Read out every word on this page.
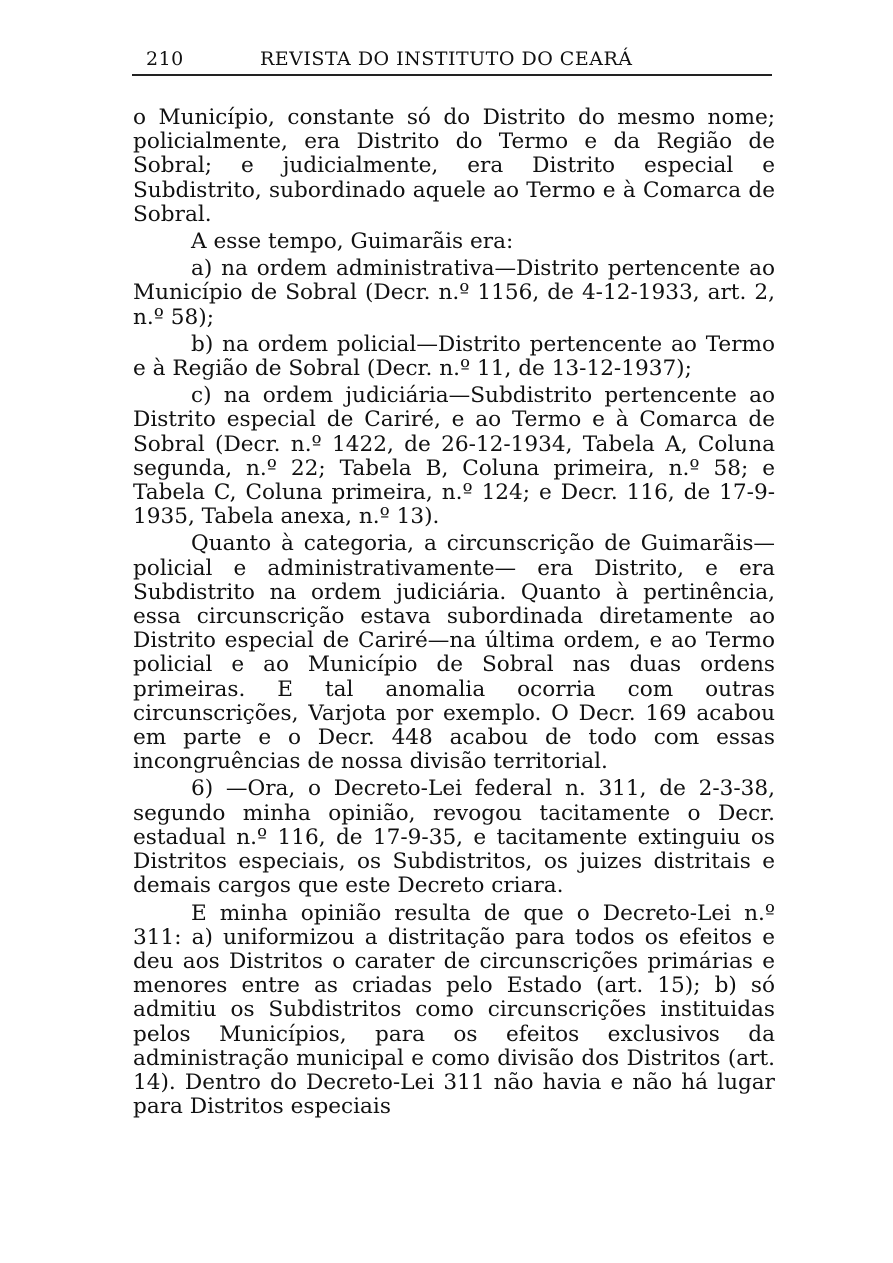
210	REVISTA DO INSTITUTO DO CEARÁ

o Município, constante só do Distrito do mesmo nome; policialmente, era Distrito do Termo e da Região de Sobral; e judicialmente, era Distrito especial e Subdistrito, subordinado aquele ao Termo e à Comarca de Sobral.

A esse tempo, Guimarãis era:

a) na ordem administrativa—Distrito pertencente ao Município de Sobral (Decr. n.º 1156, de 4-12-1933, art. 2, n.º 58);

b) na ordem policial—Distrito pertencente ao Termo e à Região de Sobral (Decr. n.º 11, de 13-12-1937);

c) na ordem judiciária—Subdistrito pertencente ao Distrito especial de Cariré, e ao Termo e à Comarca de Sobral (Decr. n.º 1422, de 26-12-1934, Tabela A, Coluna segunda, n.º 22; Tabela B, Coluna primeira, n.º 58; e Tabela C, Coluna primeira, n.º 124; e Decr. 116, de 17-9-1935, Tabela anexa, n.º 13).

Quanto à categoria, a circunscrição de Guimarãis—policial e administrativamente— era Distrito, e era Subdistrito na ordem judiciária. Quanto à pertinência, essa circunscrição estava subordinada diretamente ao Distrito especial de Cariré—na última ordem, e ao Termo policial e ao Município de Sobral nas duas ordens primeiras. E tal anomalia ocorria com outras circunscrições, Varjota por exemplo. O Decr. 169 acabou em parte e o Decr. 448 acabou de todo com essas incongruências de nossa divisão territorial.

6) —Ora, o Decreto-Lei federal n. 311, de 2-3-38, segundo minha opinião, revogou tacitamente o Decr. estadual n.º 116, de 17-9-35, e tacitamente extinguiu os Distritos especiais, os Subdistritos, os juizes distritais e demais cargos que este Decreto criara.

E minha opinião resulta de que o Decreto-Lei n.º 311: a) uniformizou a distritação para todos os efeitos e deu aos Distritos o carater de circunscrições primárias e menores entre as criadas pelo Estado (art. 15); b) só admitiu os Subdistritos como circunscrições instituidas pelos Municípios, para os efeitos exclusivos da administração municipal e como divisão dos Distritos (art. 14). Dentro do Decreto-Lei 311 não havia e não há lugar para Distritos especiais
